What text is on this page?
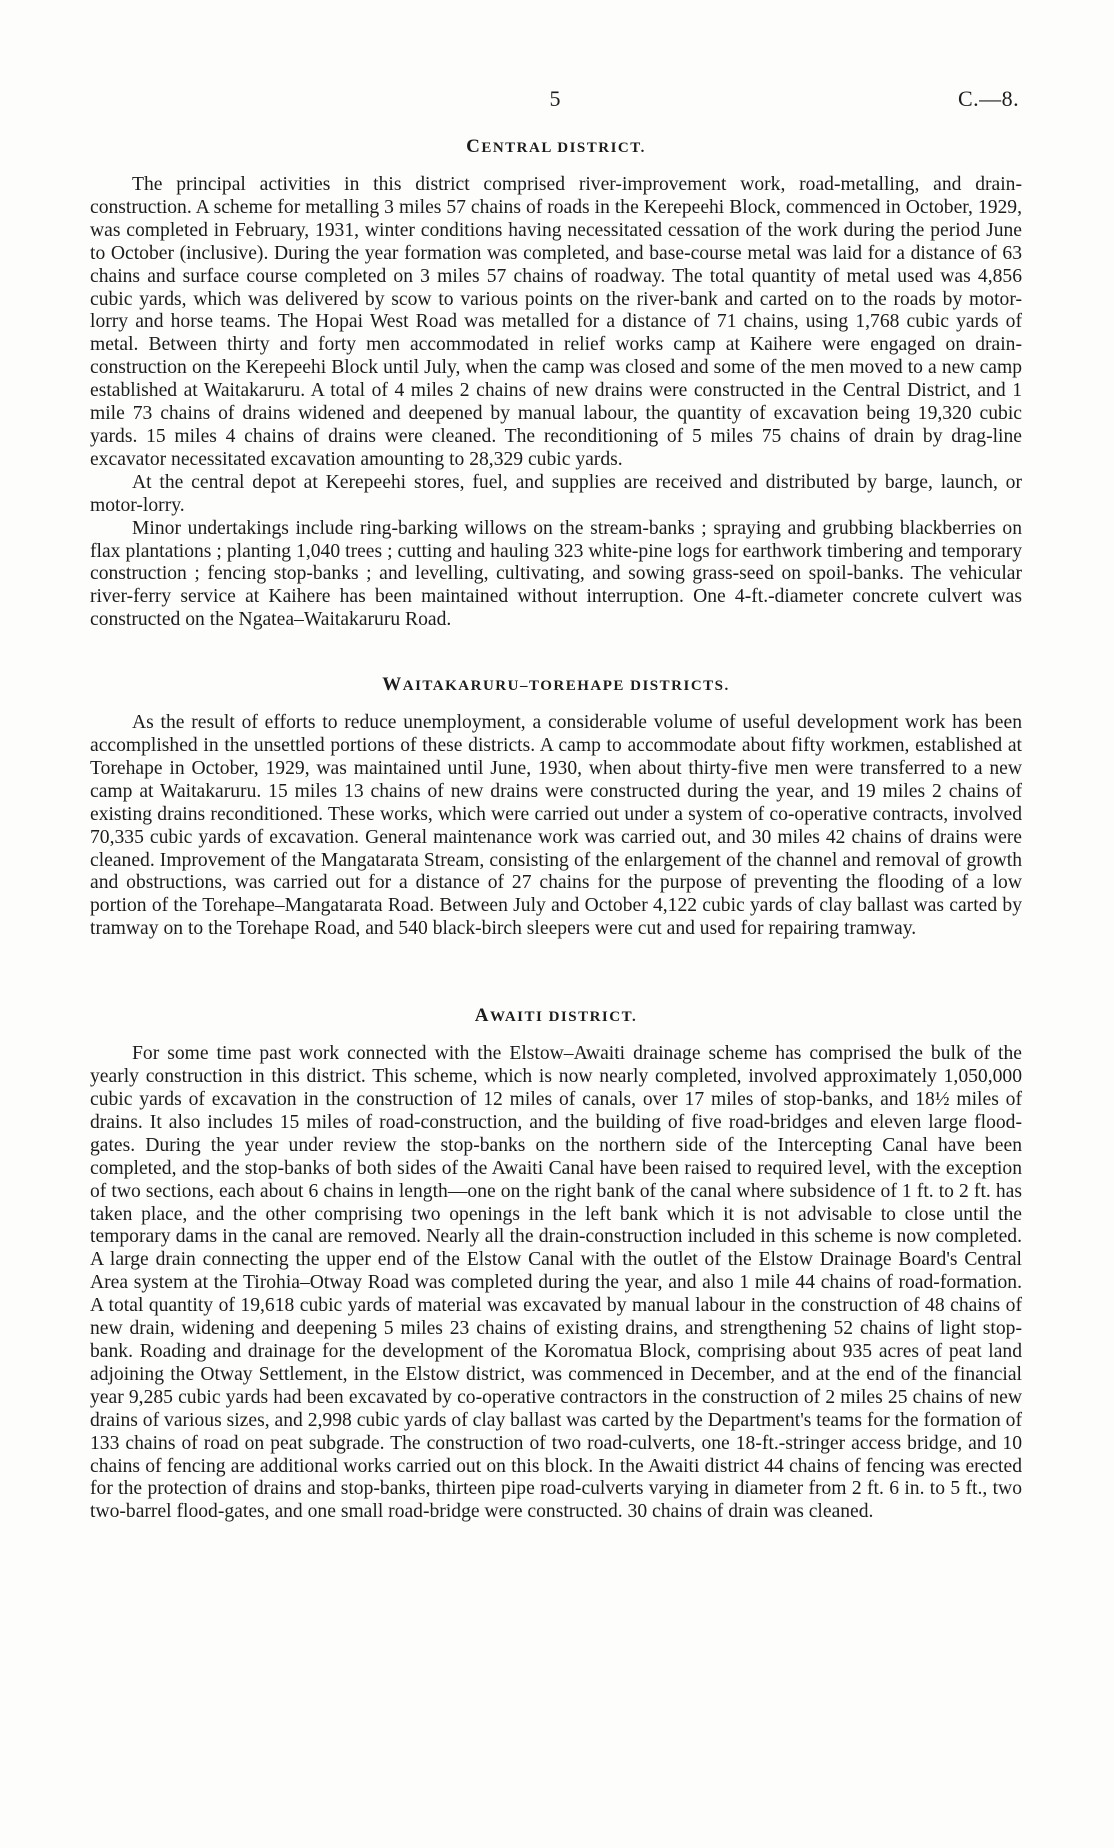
5	C.—8.
CENTRAL DISTRICT.

The principal activities in this district comprised river-improvement work, road-metalling, and drain-construction. A scheme for metalling 3 miles 57 chains of roads in the Kerepeehi Block, commenced in October, 1929, was completed in February, 1931, winter conditions having necessitated cessation of the work during the period June to October (inclusive). During the year formation was completed, and base-course metal was laid for a distance of 63 chains and surface course completed on 3 miles 57 chains of roadway. The total quantity of metal used was 4,856 cubic yards, which was delivered by scow to various points on the river-bank and carted on to the roads by motor-lorry and horse teams. The Hopai West Road was metalled for a distance of 71 chains, using 1,768 cubic yards of metal. Between thirty and forty men accommodated in relief works camp at Kaihere were engaged on drain-construction on the Kerepeehi Block until July, when the camp was closed and some of the men moved to a new camp established at Waitakaruru. A total of 4 miles 2 chains of new drains were constructed in the Central District, and 1 mile 73 chains of drains widened and deepened by manual labour, the quantity of excavation being 19,320 cubic yards. 15 miles 4 chains of drains were cleaned. The reconditioning of 5 miles 75 chains of drain by drag-line excavator necessitated excavation amounting to 28,329 cubic yards.

At the central depot at Kerepeehi stores, fuel, and supplies are received and distributed by barge, launch, or motor-lorry.

Minor undertakings include ring-barking willows on the stream-banks ; spraying and grubbing blackberries on flax plantations ; planting 1,040 trees ; cutting and hauling 323 white-pine logs for earthwork timbering and temporary construction ; fencing stop-banks ; and levelling, cultivating, and sowing grass-seed on spoil-banks. The vehicular river-ferry service at Kaihere has been maintained without interruption. One 4-ft.-diameter concrete culvert was constructed on the Ngatea–Waitakaruru Road.

WAITAKARURU–TOREHAPE DISTRICTS.

As the result of efforts to reduce unemployment, a considerable volume of useful development work has been accomplished in the unsettled portions of these districts. A camp to accommodate about fifty workmen, established at Torehape in October, 1929, was maintained until June, 1930, when about thirty-five men were transferred to a new camp at Waitakaruru. 15 miles 13 chains of new drains were constructed during the year, and 19 miles 2 chains of existing drains reconditioned. These works, which were carried out under a system of co-operative contracts, involved 70,335 cubic yards of excavation. General maintenance work was carried out, and 30 miles 42 chains of drains were cleaned. Improvement of the Mangatarata Stream, consisting of the enlargement of the channel and removal of growth and obstructions, was carried out for a distance of 27 chains for the purpose of preventing the flooding of a low portion of the Torehape–Mangatarata Road. Between July and October 4,122 cubic yards of clay ballast was carted by tramway on to the Torehape Road, and 540 black-birch sleepers were cut and used for repairing tramway.

AWAITI DISTRICT.

For some time past work connected with the Elstow–Awaiti drainage scheme has comprised the bulk of the yearly construction in this district. This scheme, which is now nearly completed, involved approximately 1,050,000 cubic yards of excavation in the construction of 12 miles of canals, over 17 miles of stop-banks, and 18½ miles of drains. It also includes 15 miles of road-construction, and the building of five road-bridges and eleven large flood-gates. During the year under review the stop-banks on the northern side of the Intercepting Canal have been completed, and the stop-banks of both sides of the Awaiti Canal have been raised to required level, with the exception of two sections, each about 6 chains in length—one on the right bank of the canal where subsidence of 1 ft. to 2 ft. has taken place, and the other comprising two openings in the left bank which it is not advisable to close until the temporary dams in the canal are removed. Nearly all the drain-construction included in this scheme is now completed. A large drain connecting the upper end of the Elstow Canal with the outlet of the Elstow Drainage Board's Central Area system at the Tirohia–Otway Road was completed during the year, and also 1 mile 44 chains of road-formation. A total quantity of 19,618 cubic yards of material was excavated by manual labour in the construction of 48 chains of new drain, widening and deepening 5 miles 23 chains of existing drains, and strengthening 52 chains of light stop-bank. Roading and drainage for the development of the Koromatua Block, comprising about 935 acres of peat land adjoining the Otway Settlement, in the Elstow district, was commenced in December, and at the end of the financial year 9,285 cubic yards had been excavated by co-operative contractors in the construction of 2 miles 25 chains of new drains of various sizes, and 2,998 cubic yards of clay ballast was carted by the Department's teams for the formation of 133 chains of road on peat subgrade. The construction of two road-culverts, one 18-ft.-stringer access bridge, and 10 chains of fencing are additional works carried out on this block. In the Awaiti district 44 chains of fencing was erected for the protection of drains and stop-banks, thirteen pipe road-culverts varying in diameter from 2 ft. 6 in. to 5 ft., two two-barrel flood-gates, and one small road-bridge were constructed. 30 chains of drain was cleaned.
